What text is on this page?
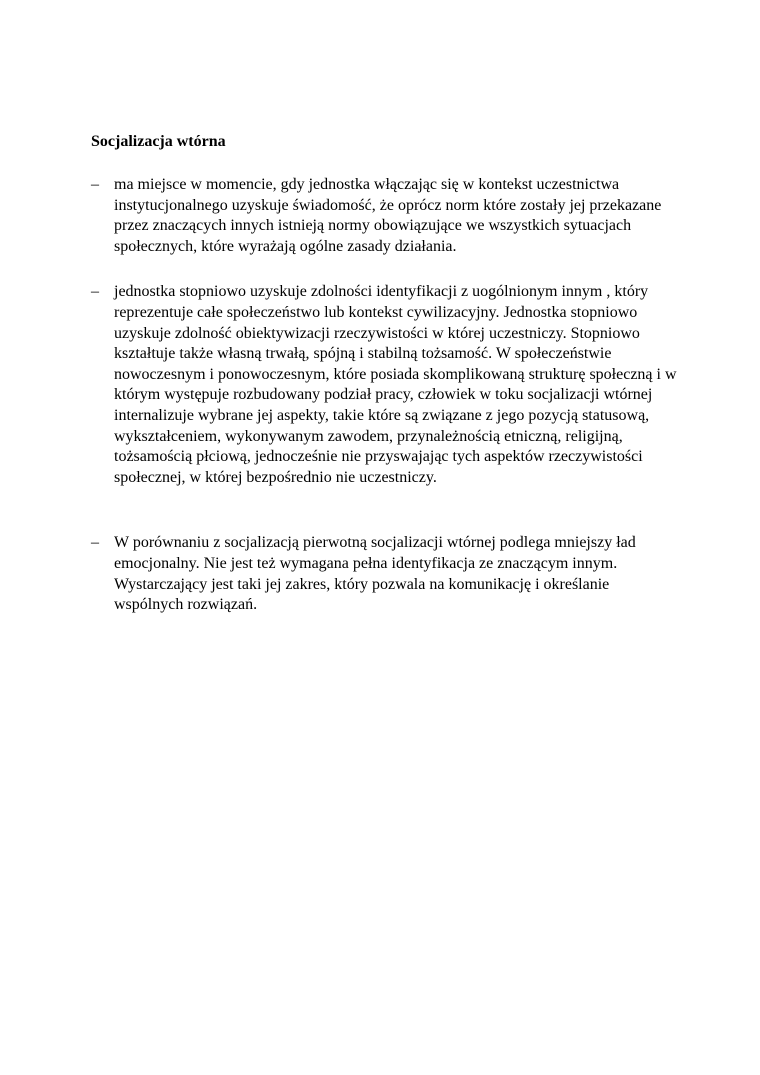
Socjalizacja wtórna
– ma miejsce w momencie, gdy jednostka włączając się w kontekst uczestnictwa instytucjonalnego uzyskuje świadomość, że oprócz norm które zostały jej przekazane przez znaczących innych istnieją normy obowiązujące we wszystkich sytuacjach społecznych, które wyrażają ogólne zasady działania.
– jednostka stopniowo uzyskuje zdolności identyfikacji z uogólnionym innym , który reprezentuje całe społeczeństwo lub kontekst cywilizacyjny. Jednostka stopniowo uzyskuje zdolność obiektywizacji rzeczywistości w której uczestniczy. Stopniowo kształtuje także własną trwałą, spójną i stabilną tożsamość. W społeczeństwie nowoczesnym i ponowoczesnym, które posiada skomplikowaną strukturę społeczną i w którym występuje rozbudowany podział pracy, człowiek w toku socjalizacji wtórnej internalizuje wybrane jej aspekty, takie które są związane z jego pozycją statusową, wykształceniem, wykonywanym zawodem, przynależnością etniczną, religijną, tożsamością płciową, jednocześnie nie przyswajając tych aspektów rzeczywistości społecznej, w której bezpośrednio nie uczestniczy.
– W porównaniu z socjalizacją pierwotną socjalizacji wtórnej podlega mniejszy ład emocjonalny. Nie jest też wymagana pełna identyfikacja ze znaczącym innym. Wystarczający jest taki jej zakres, który pozwala na komunikację i określanie wspólnych rozwiązań.
